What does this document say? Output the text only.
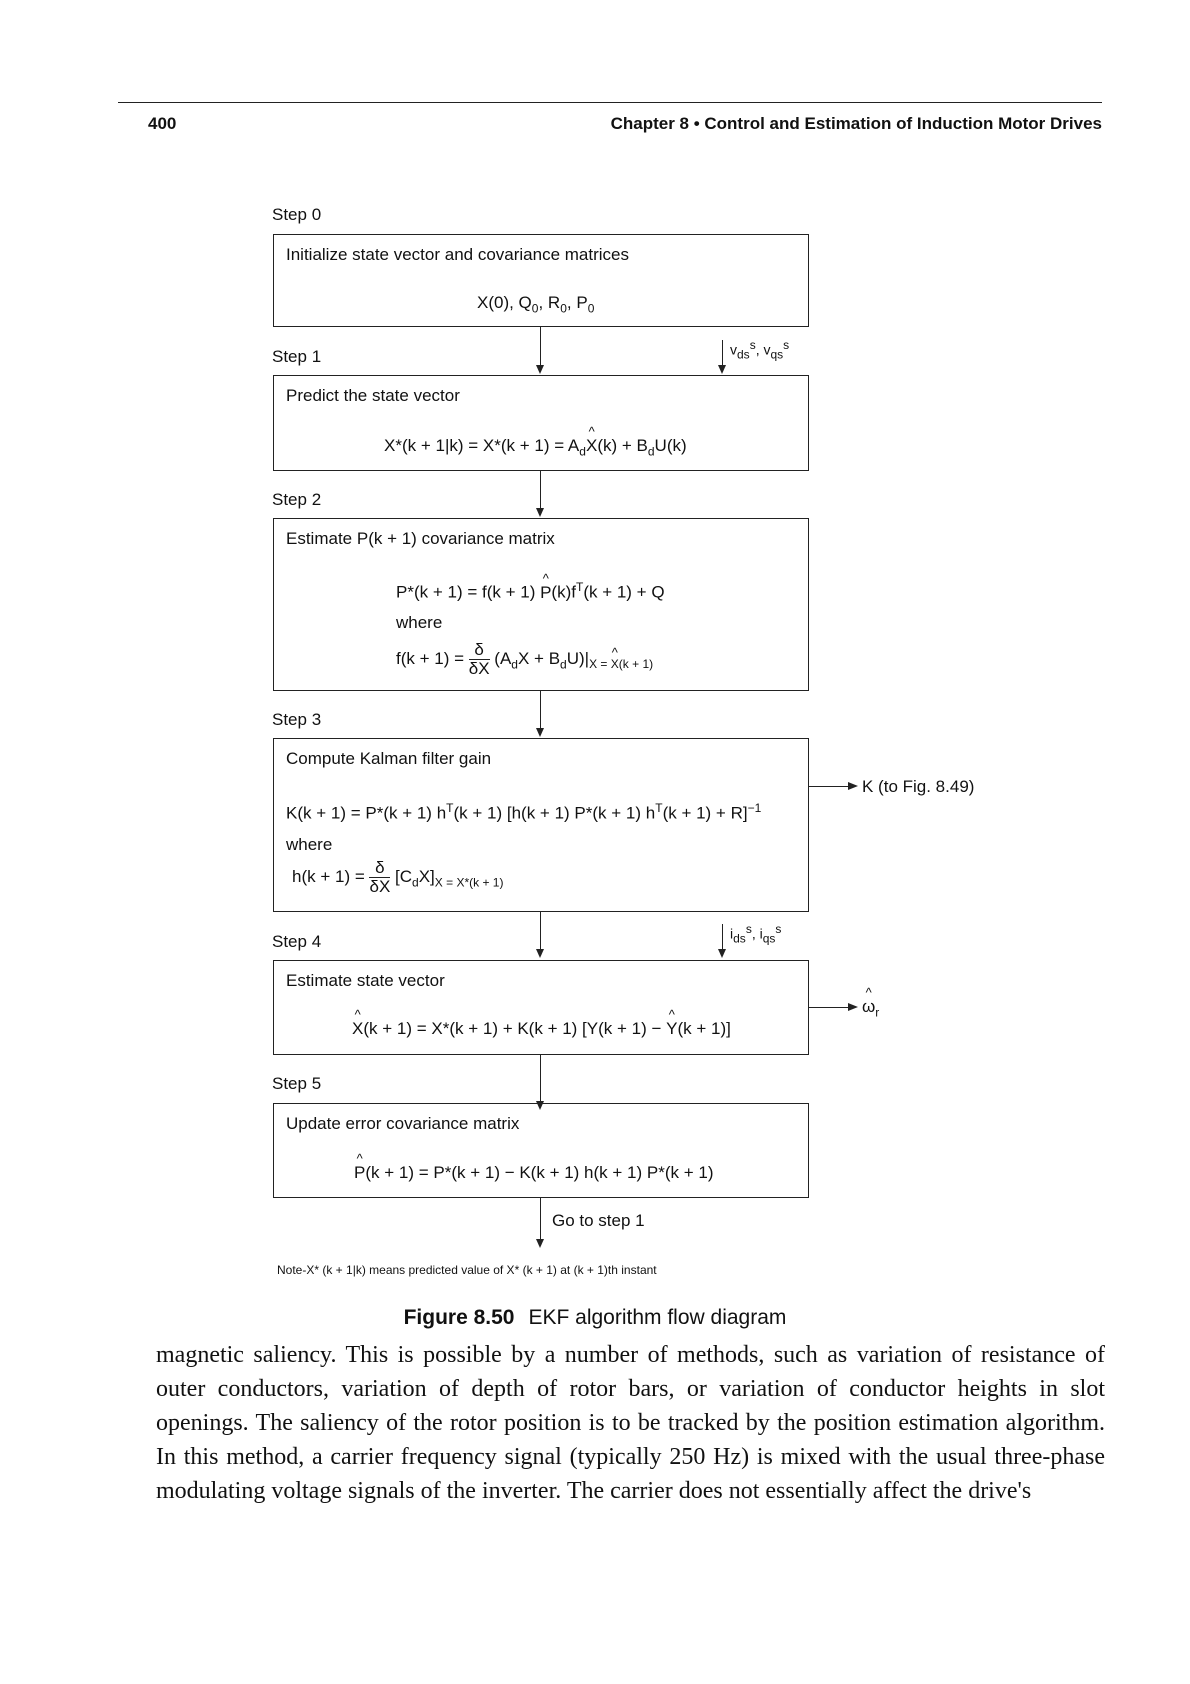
400	Chapter 8 • Control and Estimation of Induction Motor Drives
Step 0
Initialize state vector and covariance matrices
X(0), $Q_0$, $R_0$, $P_0$
$v_{ds}^s$, $v_{qs}^s$
Step 1
Predict the state vector
$X*(k + 1|k) = X*(k + 1) = A_d\^{}$ $X(k) + B_dU(k)$
Step 2
Estimate P(k + 1) covariance matrix
P*(k + 1) = f(k + 1) ^ $P(k)f^T(k + 1) + Q$
where
$f(k + 1) = \frac{\delta}{\delta X} (A_dX + B_dU)|_{X = \^{} X(k + 1)}$
Step 3
Compute Kalman filter gain
K(k + 1) = P*(k + 1) $h^T(k + 1) [h(k + 1) P*(k + 1) h^T(k + 1) + R]^{-1}$
where
$h(k + 1) = \frac{\delta}{\delta X} [C_dX]_{X = X*(k + 1)}$
K (to Fig. 8.49)
$i_{ds}^s$, $i_{qs}^s$
Step 4
Estimate state vector
^ X(k + 1) = X*(k + 1) + K(k + 1) [Y(k + 1) − ^ Y(k + 1)]
^ $\omega_r$
Step 5
Update error covariance matrix
^ P(k + 1) = P*(k + 1) − K(k + 1) h(k + 1) P*(k + 1)
Go to step 1
Note-X* (k + 1|k) means predicted value of X* (k + 1) at (k + 1)th instant
Figure 8.50 EKF algorithm flow diagram
magnetic saliency. This is possible by a number of methods, such as variation of resistance of outer conductors, variation of depth of rotor bars, or variation of conductor heights in slot openings. The saliency of the rotor position is to be tracked by the position estimation algorithm. In this method, a carrier frequency signal (typically 250 Hz) is mixed with the usual three-phase modulating voltage signals of the inverter. The carrier does not essentially affect the drive's
